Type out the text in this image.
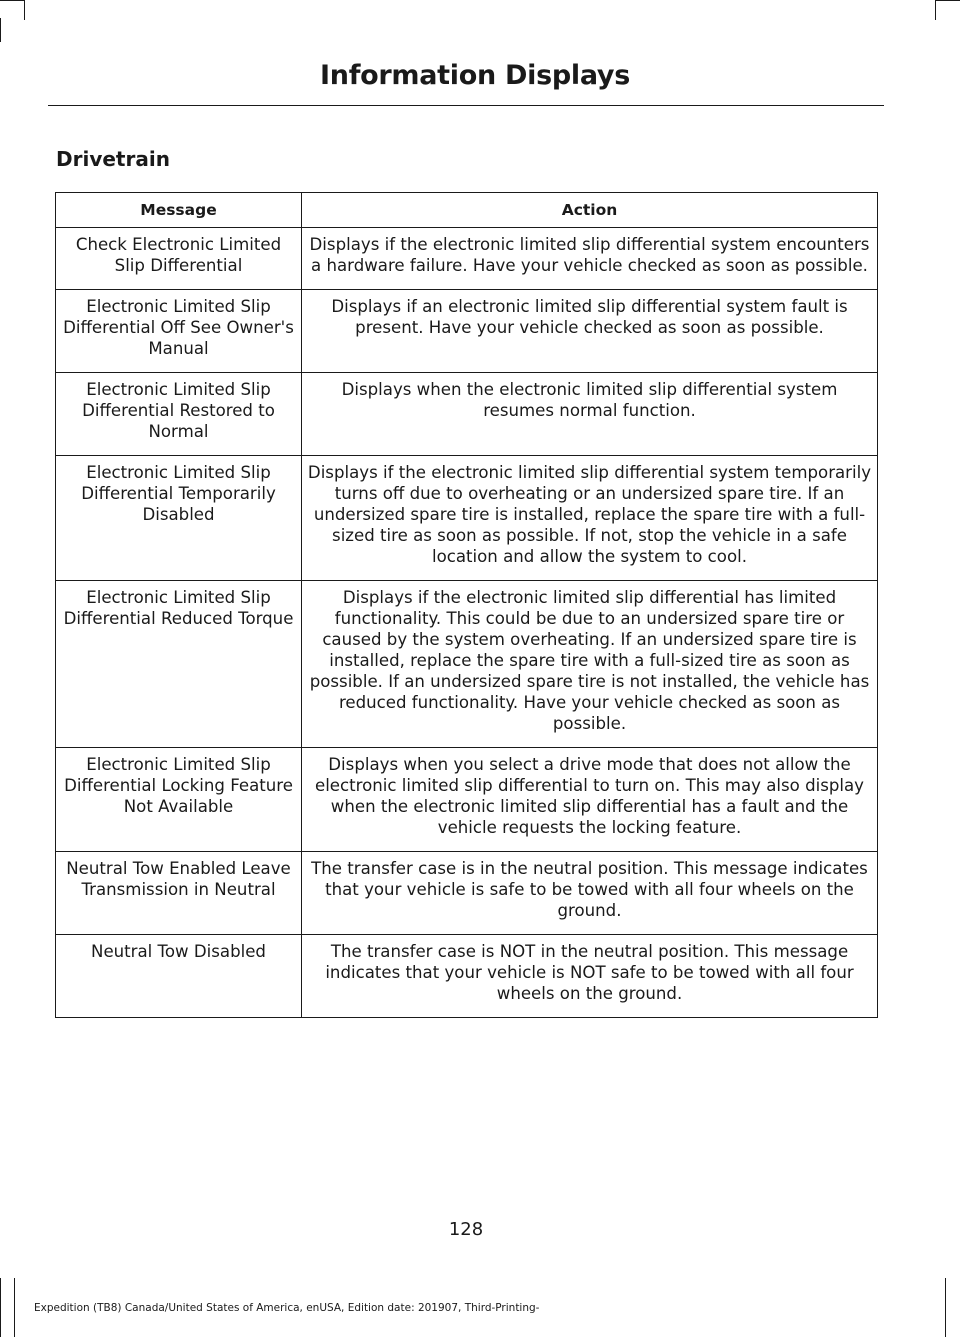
Information Displays
Drivetrain
Message	Action
Check Electronic Limited Slip Differential	Displays if the electronic limited slip differential system encounters a hardware failure. Have your vehicle checked as soon as possible.
Electronic Limited Slip Differential Off See Owner's Manual	Displays if an electronic limited slip differential system fault is present. Have your vehicle checked as soon as possible.
Electronic Limited Slip Differential Restored to Normal	Displays when the electronic limited slip differential system resumes normal function.
Electronic Limited Slip Differential Temporarily Disabled	Displays if the electronic limited slip differential system temporarily turns off due to overheating or an undersized spare tire. If an undersized spare tire is installed, replace the spare tire with a full-sized tire as soon as possible. If not, stop the vehicle in a safe location and allow the system to cool.
Electronic Limited Slip Differential Reduced Torque	Displays if the electronic limited slip differential has limited functionality. This could be due to an undersized spare tire or caused by the system overheating. If an undersized spare tire is installed, replace the spare tire with a full-sized tire as soon as possible. If an undersized spare tire is not installed, the vehicle has reduced functionality. Have your vehicle checked as soon as possible.
Electronic Limited Slip Differential Locking Feature Not Available	Displays when you select a drive mode that does not allow the electronic limited slip differential to turn on. This may also display when the electronic limited slip differential has a fault and the vehicle requests the locking feature.
Neutral Tow Enabled Leave Transmission in Neutral	The transfer case is in the neutral position. This message indicates that your vehicle is safe to be towed with all four wheels on the ground.
Neutral Tow Disabled	The transfer case is NOT in the neutral position. This message indicates that your vehicle is NOT safe to be towed with all four wheels on the ground.
128
Expedition (TB8) Canada/United States of America, enUSA, Edition date: 201907, Third-Printing-
